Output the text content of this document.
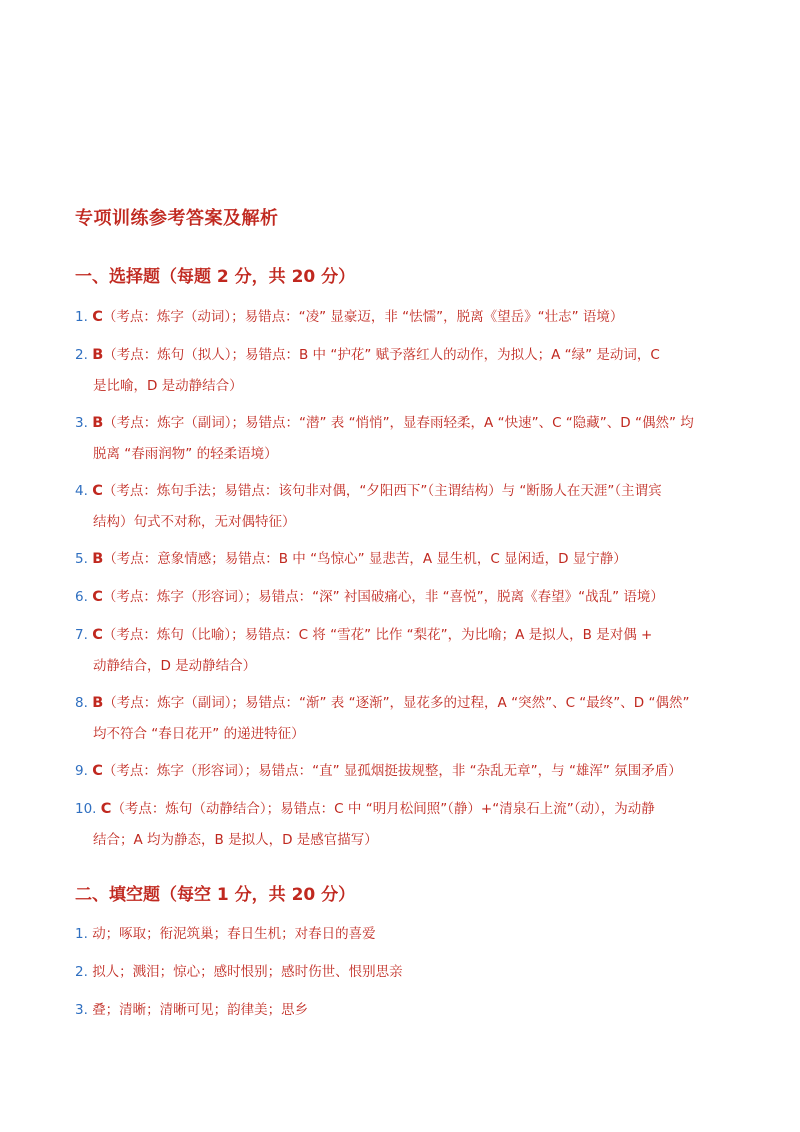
专项训练参考答案及解析
一、选择题（每题 2 分，共 20 分）
1. C（考点：炼字（动词）；易错点：“凌” 显豪迈，非 “怯懦”，脱离《望岳》“壮志” 语境）
2. B（考点：炼句（拟人）；易错点：B 中 “护花” 赋予落红人的动作，为拟人；A “绿” 是动词，C
是比喻，D 是动静结合）
3. B（考点：炼字（副词）；易错点：“潜” 表 “悄悄”，显春雨轻柔，A “快速”、C “隐藏”、D “偶然” 均
脱离 “春雨润物” 的轻柔语境）
4. C（考点：炼句手法；易错点：该句非对偶，“夕阳西下”（主谓结构）与 “断肠人在天涯”（主谓宾
结构）句式不对称，无对偶特征）
5. B（考点：意象情感；易错点：B 中 “鸟惊心” 显悲苦，A 显生机，C 显闲适，D 显宁静）
6. C（考点：炼字（形容词）；易错点：“深” 衬国破痛心，非 “喜悦”，脱离《春望》“战乱” 语境）
7. C（考点：炼句（比喻）；易错点：C 将 “雪花” 比作 “梨花”，为比喻；A 是拟人，B 是对偶 +
动静结合，D 是动静结合）
8. B（考点：炼字（副词）；易错点：“渐” 表 “逐渐”，显花多的过程，A “突然”、C “最终”、D “偶然”
均不符合 “春日花开” 的递进特征）
9. C（考点：炼字（形容词）；易错点：“直” 显孤烟挺拔规整，非 “杂乱无章”，与 “雄浑” 氛围矛盾）
10. C（考点：炼句（动静结合）；易错点：C 中 “明月松间照”（静）+“清泉石上流”（动），为动静
结合；A 均为静态，B 是拟人，D 是感官描写）
二、填空题（每空 1 分，共 20 分）
1. 动；啄取；衔泥筑巢；春日生机；对春日的喜爱
2. 拟人；溅泪；惊心；感时恨别；感时伤世、恨别思亲
3. 叠；清晰；清晰可见；韵律美；思乡
